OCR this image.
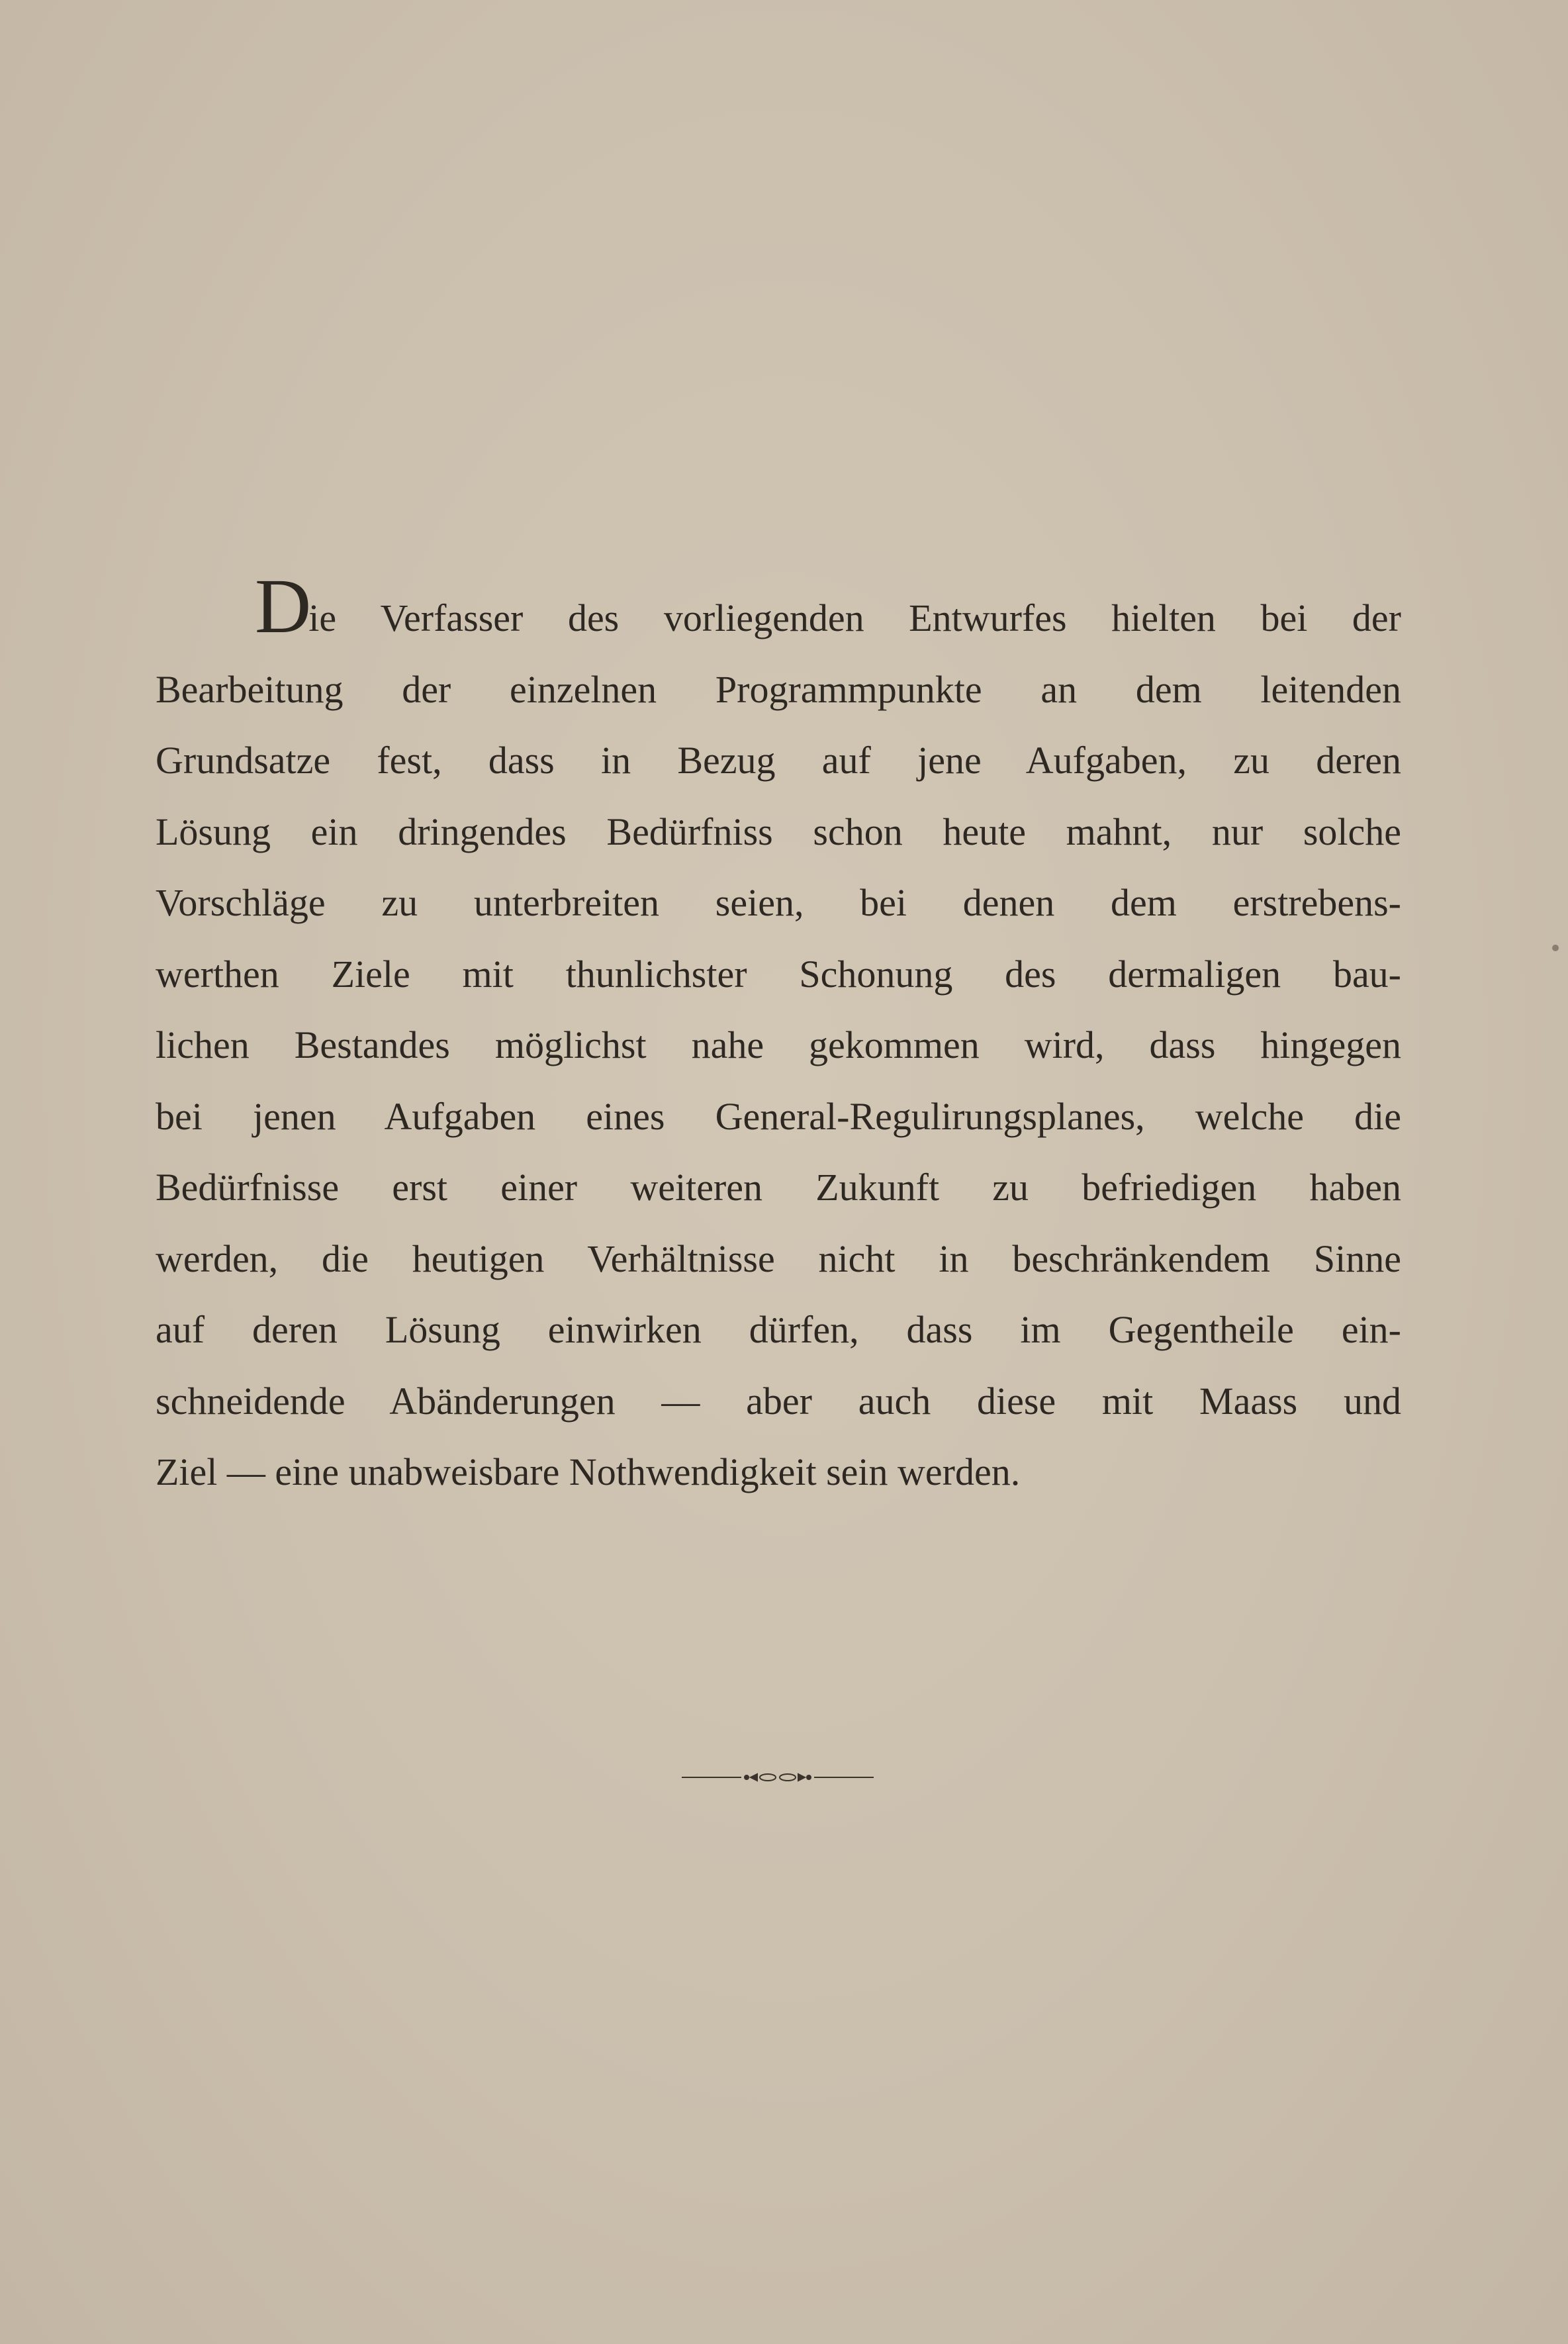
Die Verfasser des vorliegenden Entwurfes hielten bei der
Bearbeitung der einzelnen Programmpunkte an dem leitenden
Grundsatze fest, dass in Bezug auf jene Aufgaben, zu deren
Lösung ein dringendes Bedürfniss schon heute mahnt, nur solche
Vorschläge zu unterbreiten seien, bei denen dem erstrebens-
werthen Ziele mit thunlichster Schonung des dermaligen bau-
lichen Bestandes möglichst nahe gekommen wird, dass hingegen
bei jenen Aufgaben eines General-Regulirungsplanes, welche die
Bedürfnisse erst einer weiteren Zukunft zu befriedigen haben
werden, die heutigen Verhältnisse nicht in beschränkendem Sinne
auf deren Lösung einwirken dürfen, dass im Gegentheile ein-
schneidende Abänderungen — aber auch diese mit Maass und
Ziel — eine unabweisbare Nothwendigkeit sein werden.
